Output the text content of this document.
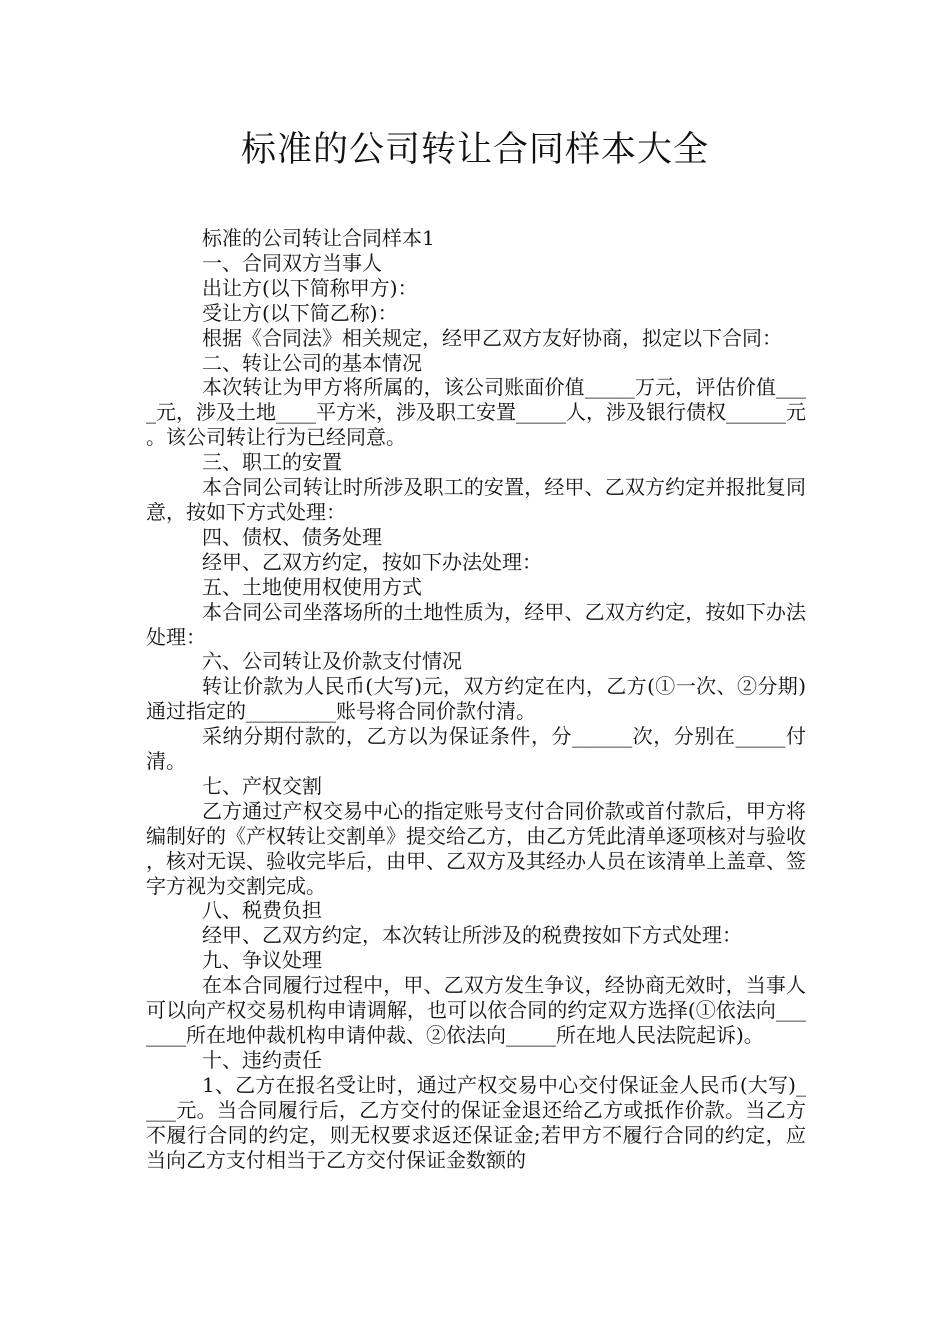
标准的公司转让合同样本大全

标准的公司转让合同样本1

一、合同双方当事人

出让方(以下简称甲方)：

受让方(以下简乙称)：

根据《合同法》相关规定，经甲乙双方友好协商，拟定以下合同：

二、转让公司的基本情况

本次转让为甲方将所属的，该公司账面价值_____万元，评估价值____元，涉及土地____平方米，涉及职工安置_____人，涉及银行债权______元。该公司转让行为已经同意。

三、职工的安置

本合同公司转让时所涉及职工的安置，经甲、乙双方约定并报批复同意，按如下方式处理：

四、债权、债务处理

经甲、乙双方约定，按如下办法处理：

五、土地使用权使用方式

本合同公司坐落场所的土地性质为，经甲、乙双方约定，按如下办法处理：

六、公司转让及价款支付情况

转让价款为人民币(大写)元，双方约定在内，乙方(①一次、②分期)通过指定的_________账号将合同价款付清。

采纳分期付款的，乙方以为保证条件，分______次，分别在_____付清。

七、产权交割

乙方通过产权交易中心的指定账号支付合同价款或首付款后，甲方将编制好的《产权转让交割单》提交给乙方，由乙方凭此清单逐项核对与验收，核对无误、验收完毕后，由甲、乙双方及其经办人员在该清单上盖章、签字方视为交割完成。

八、税费负担

经甲、乙双方约定，本次转让所涉及的税费按如下方式处理：

九、争议处理

在本合同履行过程中，甲、乙双方发生争议，经协商无效时，当事人可以向产权交易机构申请调解，也可以依合同的约定双方选择(①依法向_______所在地仲裁机构申请仲裁、②依法向_____所在地人民法院起诉)。

十、违约责任

1、乙方在报名受让时，通过产权交易中心交付保证金人民币(大写)____元。当合同履行后，乙方交付的保证金退还给乙方或抵作价款。当乙方不履行合同的约定，则无权要求返还保证金;若甲方不履行合同的约定，应当向乙方支付相当于乙方交付保证金数额的
